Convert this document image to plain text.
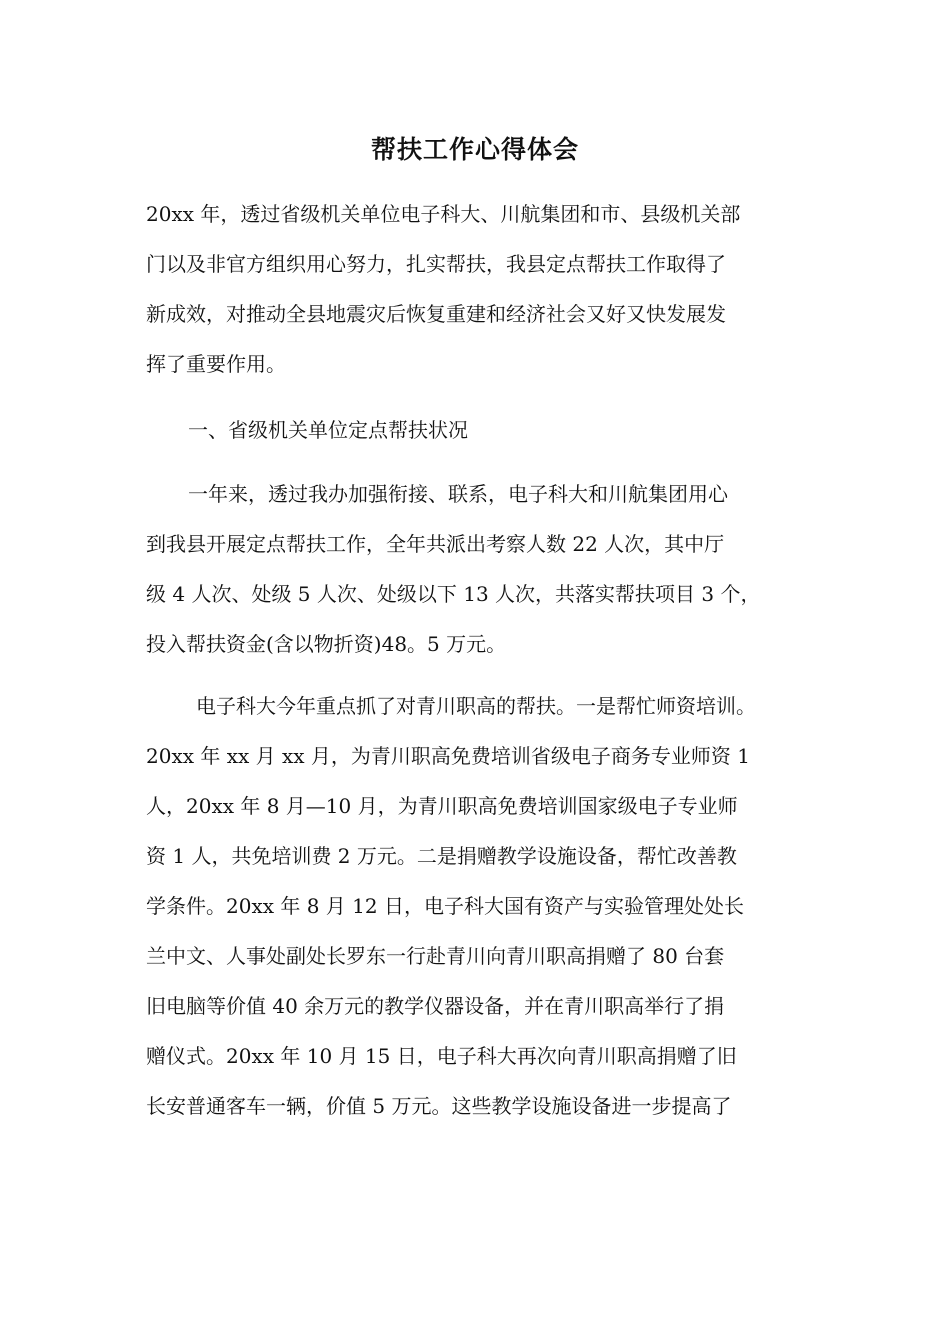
帮扶工作心得体会
20xx 年，透过省级机关单位电子科大、川航集团和市、县级机关部
门以及非官方组织用心努力，扎实帮扶，我县定点帮扶工作取得了
新成效，对推动全县地震灾后恢复重建和经济社会又好又快发展发
挥了重要作用。
一、省级机关单位定点帮扶状况
一年来，透过我办加强衔接、联系，电子科大和川航集团用心
到我县开展定点帮扶工作，全年共派出考察人数 22 人次，其中厅
级 4 人次、处级 5 人次、处级以下 13 人次，共落实帮扶项目 3 个，
投入帮扶资金(含以物折资)48。5 万元。
电子科大今年重点抓了对青川职高的帮扶。一是帮忙师资培训。
20xx 年 xx 月 xx 月，为青川职高免费培训省级电子商务专业师资 1
人，20xx 年 8 月—10 月，为青川职高免费培训国家级电子专业师
资 1 人，共免培训费 2 万元。二是捐赠教学设施设备，帮忙改善教
学条件。20xx 年 8 月 12 日，电子科大国有资产与实验管理处处长
兰中文、人事处副处长罗东一行赴青川向青川职高捐赠了 80 台套
旧电脑等价值 40 余万元的教学仪器设备，并在青川职高举行了捐
赠仪式。20xx 年 10 月 15 日，电子科大再次向青川职高捐赠了旧
长安普通客车一辆，价值 5 万元。这些教学设施设备进一步提高了
